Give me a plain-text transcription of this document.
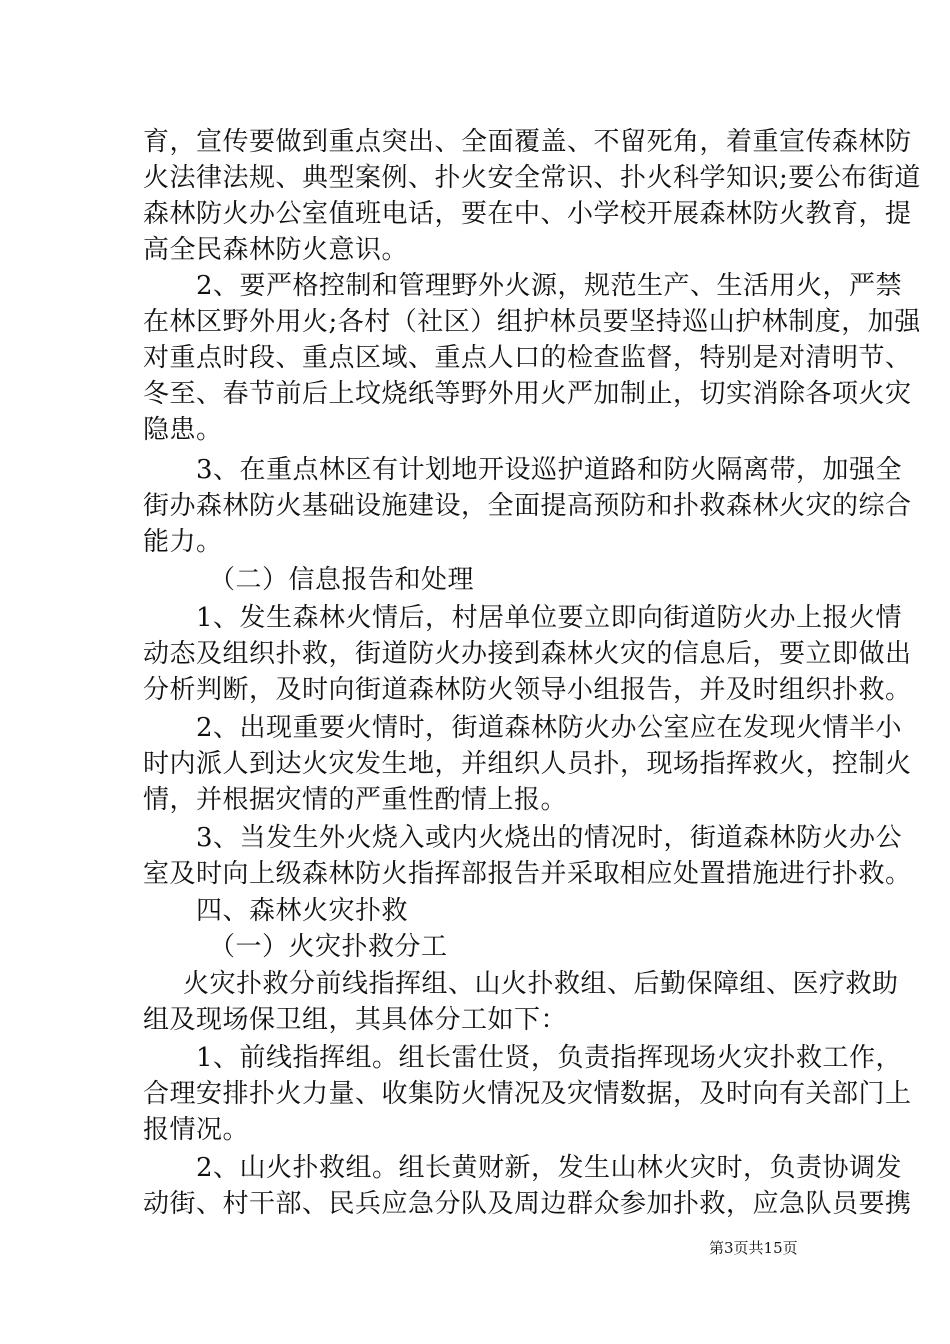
育，宣传要做到重点突出、全面覆盖、不留死角，着重宣传森林防
火法律法规、典型案例、扑火安全常识、扑火科学知识;要公布街道
森林防火办公室值班电话，要在中、小学校开展森林防火教育，提
高全民森林防火意识。
2、要严格控制和管理野外火源，规范生产、生活用火，严禁
在林区野外用火;各村（社区）组护林员要坚持巡山护林制度，加强
对重点时段、重点区域、重点人口的检查监督，特别是对清明节、
冬至、春节前后上坟烧纸等野外用火严加制止，切实消除各项火灾
隐患。
3、在重点林区有计划地开设巡护道路和防火隔离带，加强全
街办森林防火基础设施建设，全面提高预防和扑救森林火灾的综合
能力。
（二）信息报告和处理
1、发生森林火情后，村居单位要立即向街道防火办上报火情
动态及组织扑救，街道防火办接到森林火灾的信息后，要立即做出
分析判断，及时向街道森林防火领导小组报告，并及时组织扑救。
2、出现重要火情时，街道森林防火办公室应在发现火情半小
时内派人到达火灾发生地，并组织人员扑，现场指挥救火，控制火
情，并根据灾情的严重性酌情上报。
3、当发生外火烧入或内火烧出的情况时，街道森林防火办公
室及时向上级森林防火指挥部报告并采取相应处置措施进行扑救。
四、森林火灾扑救
（一）火灾扑救分工
火灾扑救分前线指挥组、山火扑救组、后勤保障组、医疗救助
组及现场保卫组，其具体分工如下：
1、前线指挥组。组长雷仕贤，负责指挥现场火灾扑救工作，
合理安排扑火力量、收集防火情况及灾情数据，及时向有关部门上
报情况。
2、山火扑救组。组长黄财新，发生山林火灾时，负责协调发
动街、村干部、民兵应急分队及周边群众参加扑救，应急队员要携
第3页共15页
